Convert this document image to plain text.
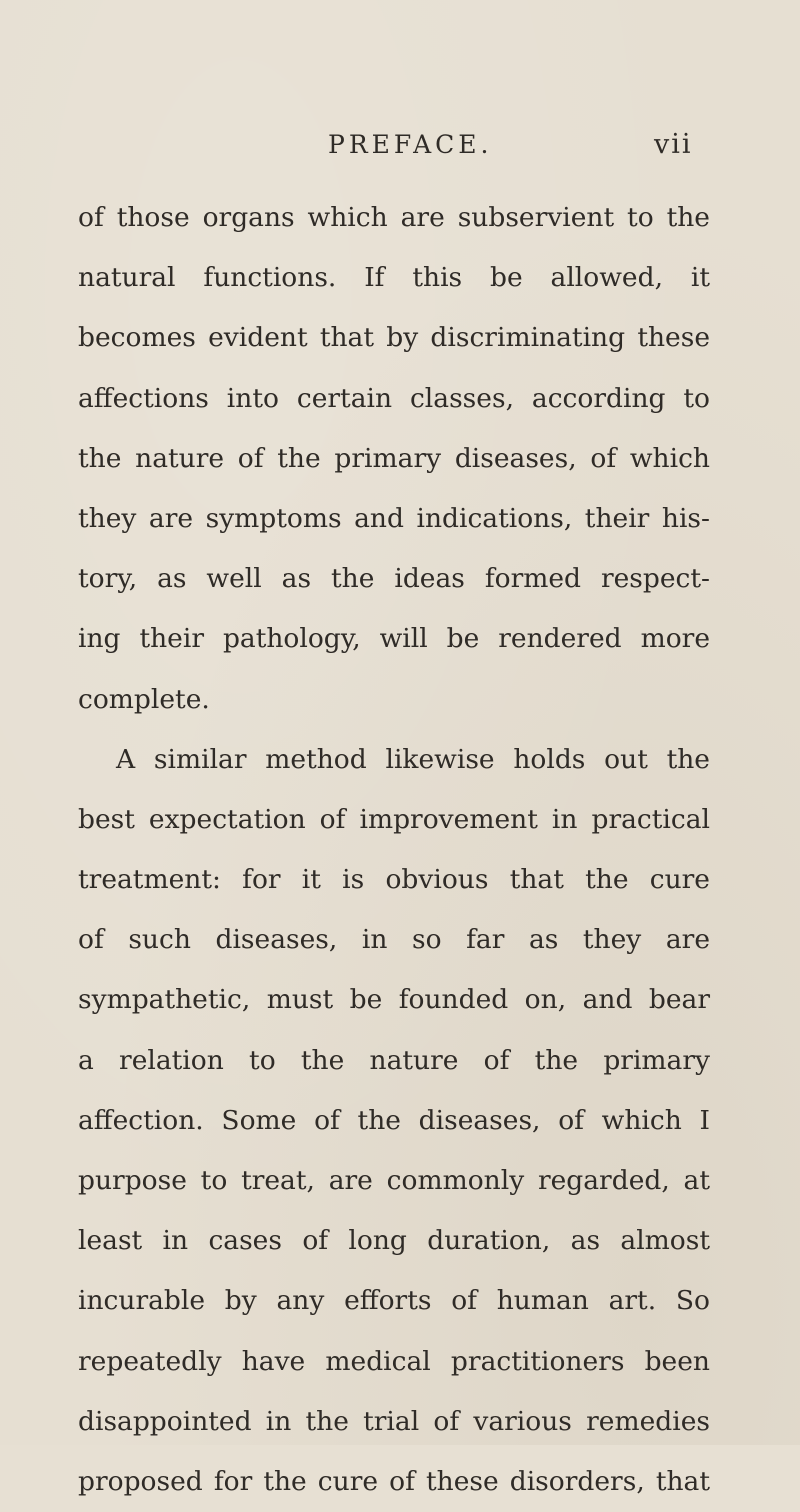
PREFACE.	vii
of those organs which are subservient to the
natural functions. If this be allowed, it
becomes evident that by discriminating these
affections into certain classes, according to
the nature of the primary diseases, of which
they are symptoms and indications, their his-
tory, as well as the ideas formed respect-
ing their pathology, will be rendered more
complete.
A similar method likewise holds out the
best expectation of improvement in practical
treatment: for it is obvious that the cure
of such diseases, in so far as they are
sympathetic, must be founded on, and bear
a relation to the nature of the primary
affection. Some of the diseases, of which I
purpose to treat, are commonly regarded, at
least in cases of long duration, as almost
incurable by any efforts of human art. So
repeatedly have medical practitioners been
disappointed in the trial of various remedies
proposed for the cure of these disorders, that
